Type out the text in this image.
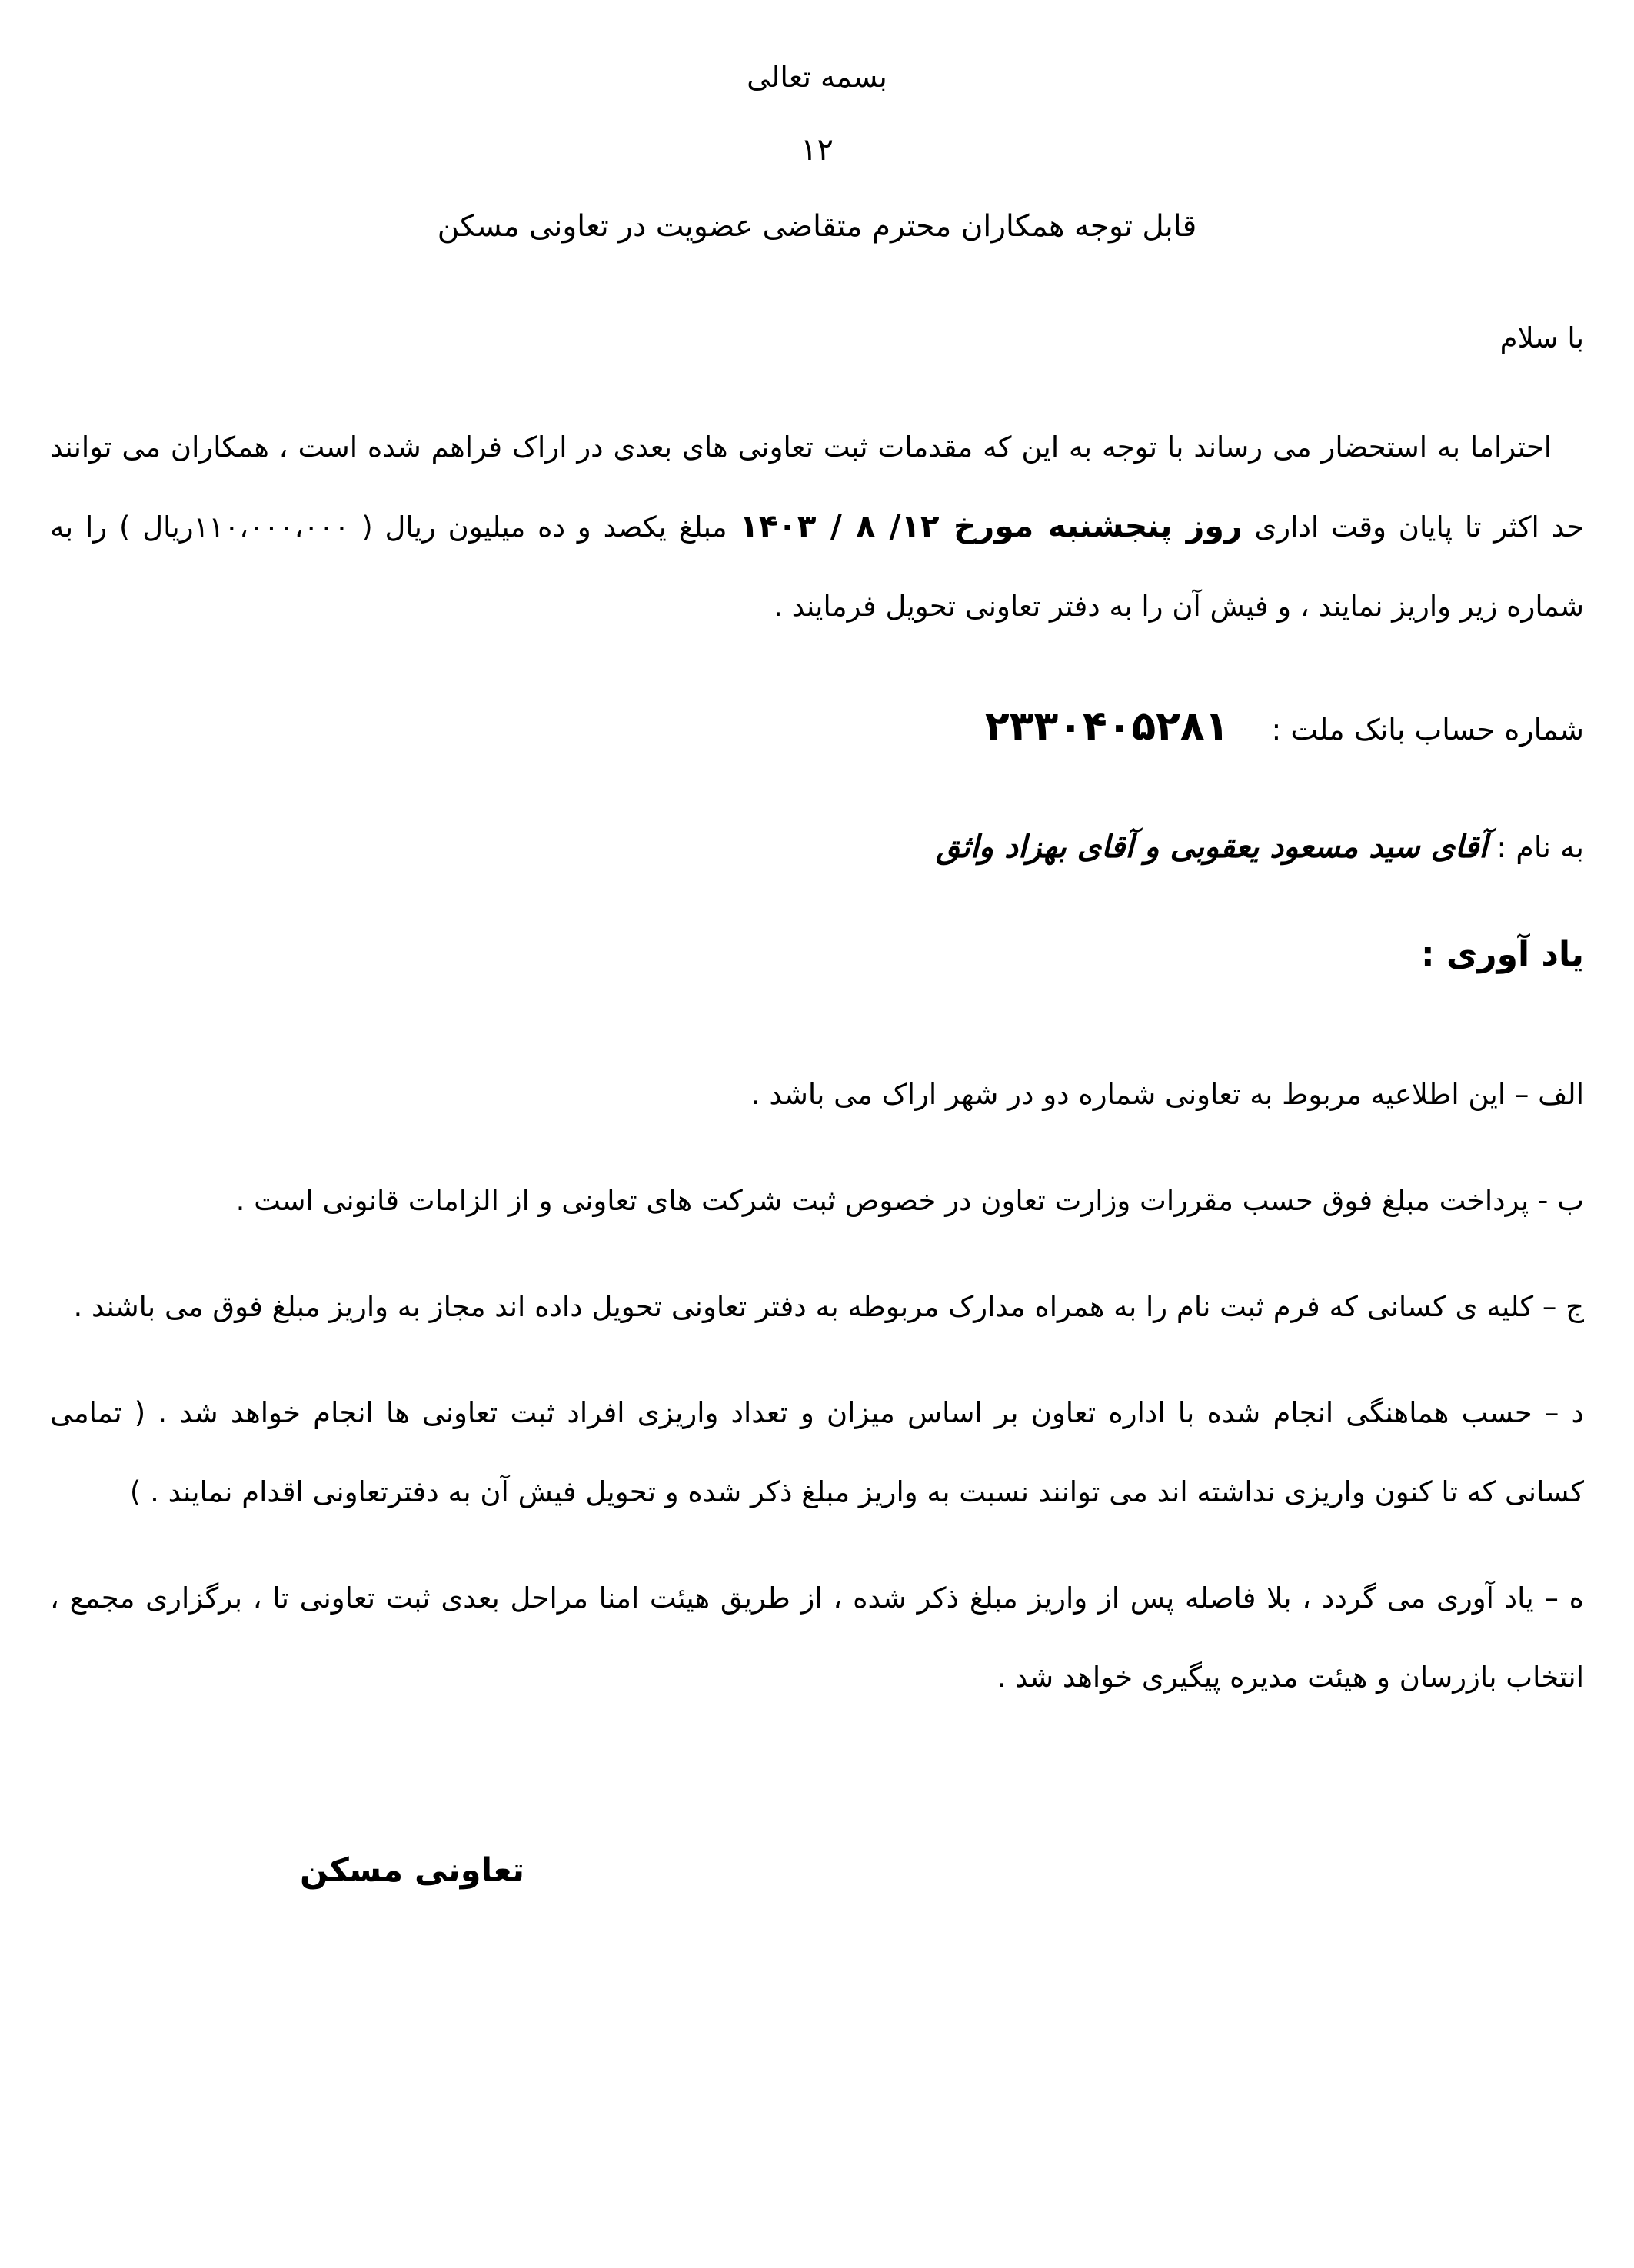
بسمه تعالی
۱۲
قابل توجه همکاران محترم متقاضی عضویت در تعاونی مسکن
با سلام

احتراما به استحضار می رساند با توجه به این که مقدمات ثبت تعاونی های بعدی در اراک فراهم شده است ، همکاران می توانند حد اکثر تا پایان وقت اداری روز پنجشنبه مورخ ۱۲/ ۸ / ۱۴۰۳ مبلغ یکصد و ده میلیون ریال ( ۱۱۰،۰۰۰،۰۰۰ریال ) را به شماره زیر واریز نمایند ، و فیش آن را به دفتر تعاونی تحویل فرمایند .

شماره حساب بانک ملت : ۲۳۳۰۴۰۵۲۸۱
به نام : آقای سید مسعود یعقوبی و آقای بهزاد واثق
یاد آوری :

الف – این اطلاعیه مربوط به تعاونی شماره دو در شهر اراک می باشد .

ب - پرداخت مبلغ فوق حسب مقررات وزارت تعاون در خصوص ثبت شرکت های تعاونی و از الزامات قانونی است .

ج – کلیه ی کسانی که فرم ثبت نام را به همراه مدارک مربوطه به دفتر تعاونی تحویل داده اند مجاز به واریز مبلغ فوق می باشند .

د – حسب هماهنگی انجام شده با اداره تعاون بر اساس میزان و تعداد واریزی افراد ثبت تعاونی ها انجام خواهد شد . ( تمامی کسانی که تا کنون واریزی نداشته اند می توانند نسبت به واریز مبلغ ذکر شده و تحویل فیش آن به دفترتعاونی اقدام نمایند . )

ه – یاد آوری می گردد ، بلا فاصله پس از واریز مبلغ ذکر شده ، از طریق هیئت امنا مراحل بعدی ثبت تعاونی تا ، برگزاری مجمع ، انتخاب بازرسان و هیئت مدیره پیگیری خواهد شد .

تعاونی مسکن
